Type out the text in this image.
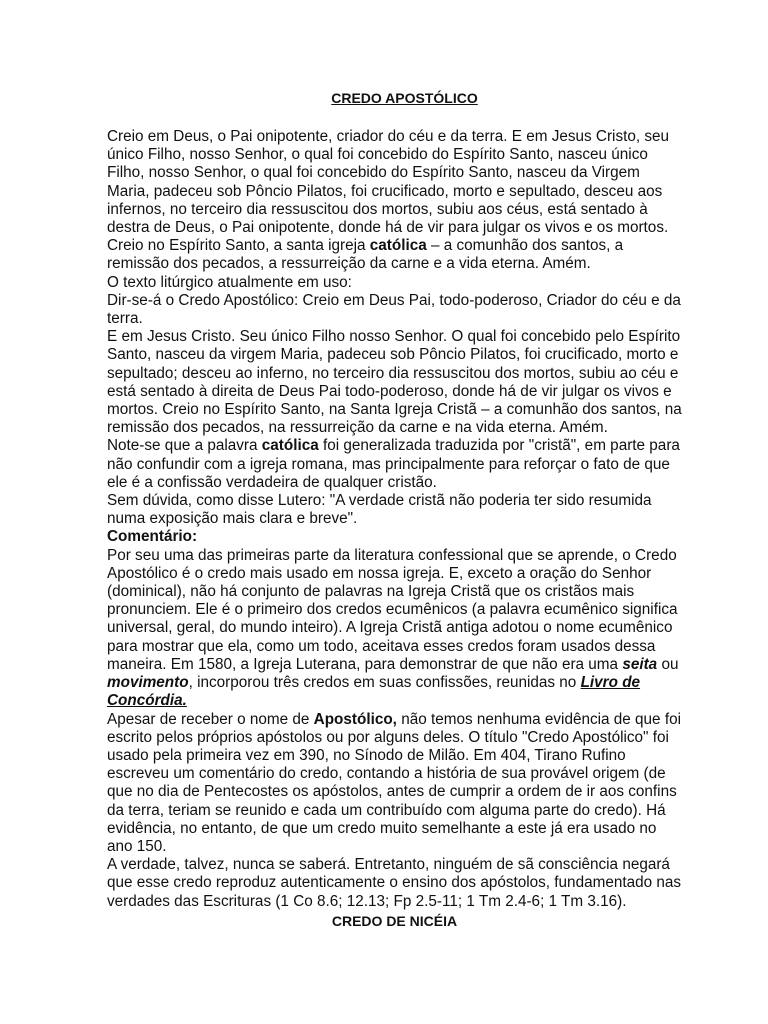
CREDO APOSTÓLICO

Creio em Deus, o Pai onipotente, criador do céu e da terra. E em Jesus Cristo, seu único Filho, nosso Senhor, o qual foi concebido do Espírito Santo, nasceu único Filho, nosso Senhor, o qual foi concebido do Espírito Santo, nasceu da Virgem Maria, padeceu sob Pôncio Pilatos, foi crucificado, morto e sepultado, desceu aos infernos, no terceiro dia ressuscitou dos mortos, subiu aos céus, está sentado à destra de Deus, o Pai onipotente, donde há de vir para julgar os vivos e os mortos. Creio no Espírito Santo, a santa igreja católica – a comunhão dos santos, a remissão dos pecados, a ressurreição da carne e a vida eterna. Amém.

O texto litúrgico atualmente em uso:

Dir-se-á o Credo Apostólico: Creio em Deus Pai, todo-poderoso, Criador do céu e da terra.

E em Jesus Cristo. Seu único Filho nosso Senhor. O qual foi concebido pelo Espírito Santo, nasceu da virgem Maria, padeceu sob Pôncio Pilatos, foi crucificado, morto e sepultado; desceu ao inferno, no terceiro dia ressuscitou dos mortos, subiu ao céu e está sentado à direita de Deus Pai todo-poderoso, donde há de vir julgar os vivos e mortos. Creio no Espírito Santo, na Santa Igreja Cristã – a comunhão dos santos, na remissão dos pecados, na ressurreição da carne e na vida eterna. Amém.

Note-se que a palavra católica foi generalizada traduzida por "cristã", em parte para não confundir com a igreja romana, mas principalmente para reforçar o fato de que ele é a confissão verdadeira de qualquer cristão.

Sem dúvida, como disse Lutero: "A verdade cristã não poderia ter sido resumida numa exposição mais clara e breve".

Comentário:

Por seu uma das primeiras parte da literatura confessional que se aprende, o Credo Apostólico é o credo mais usado em nossa igreja. E, exceto a oração do Senhor (dominical), não há conjunto de palavras na Igreja Cristã que os cristãos mais pronunciem. Ele é o primeiro dos credos ecumênicos (a palavra ecumênico significa universal, geral, do mundo inteiro). A Igreja Cristã antiga adotou o nome ecumênico para mostrar que ela, como um todo, aceitava esses credos foram usados dessa maneira. Em 1580, a Igreja Luterana, para demonstrar de que não era uma seita ou movimento, incorporou três credos em suas confissões, reunidas no Livro de Concórdia.

Apesar de receber o nome de Apostólico, não temos nenhuma evidência de que foi escrito pelos próprios apóstolos ou por alguns deles. O título "Credo Apostólico" foi usado pela primeira vez em 390, no Sínodo de Milão. Em 404, Tirano Rufino escreveu um comentário do credo, contando a história de sua provável origem (de que no dia de Pentecostes os apóstolos, antes de cumprir a ordem de ir aos confins da terra, teriam se reunido e cada um contribuído com alguma parte do credo). Há evidência, no entanto, de que um credo muito semelhante a este já era usado no ano 150.

A verdade, talvez, nunca se saberá. Entretanto, ninguém de sã consciência negará que esse credo reproduz autenticamente o ensino dos apóstolos, fundamentado nas verdades das Escrituras (1 Co 8.6; 12.13; Fp 2.5-11; 1 Tm 2.4-6; 1 Tm 3.16).

CREDO DE NICÉIA
